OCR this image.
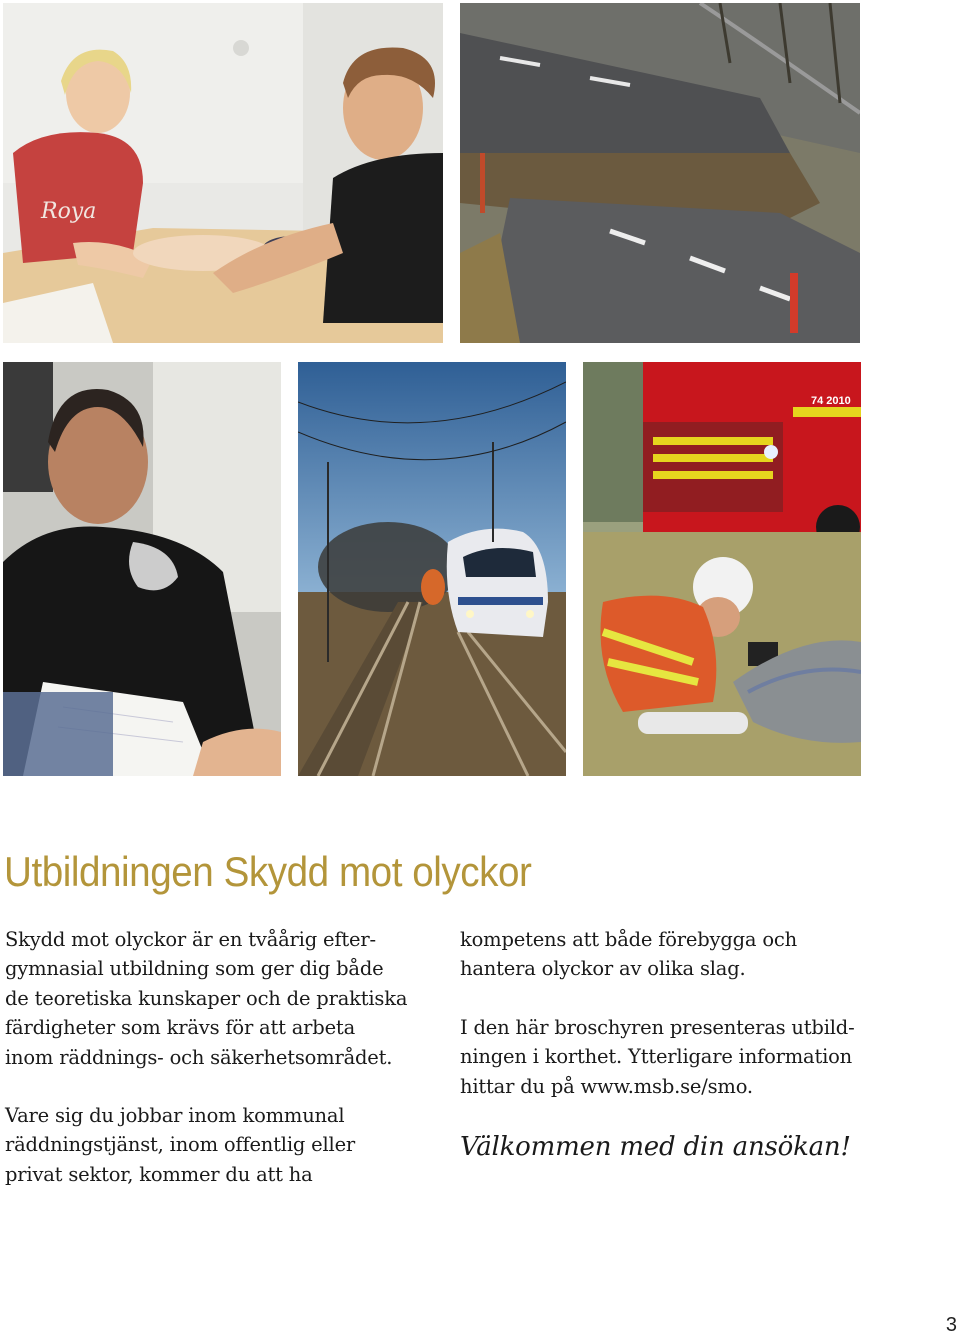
Roya
74 2010
Utbildningen Skydd mot olyckor

Skydd mot olyckor är en tvåårig efter-
gymnasial utbildning som ger dig både
de teoretiska kunskaper och de praktiska
färdigheter som krävs för att arbeta
inom räddnings- och säkerhetsområdet.

Vare sig du jobbar inom kommunal
räddningstjänst, inom offentlig eller
privat sektor, kommer du att ha

kompetens att både förebygga och
hantera olyckor av olika slag.

I den här broschyren presenteras utbild-
ningen i korthet. Ytterligare information
hittar du på www.msb.se/smo.

Välkommen med din ansökan!

3
